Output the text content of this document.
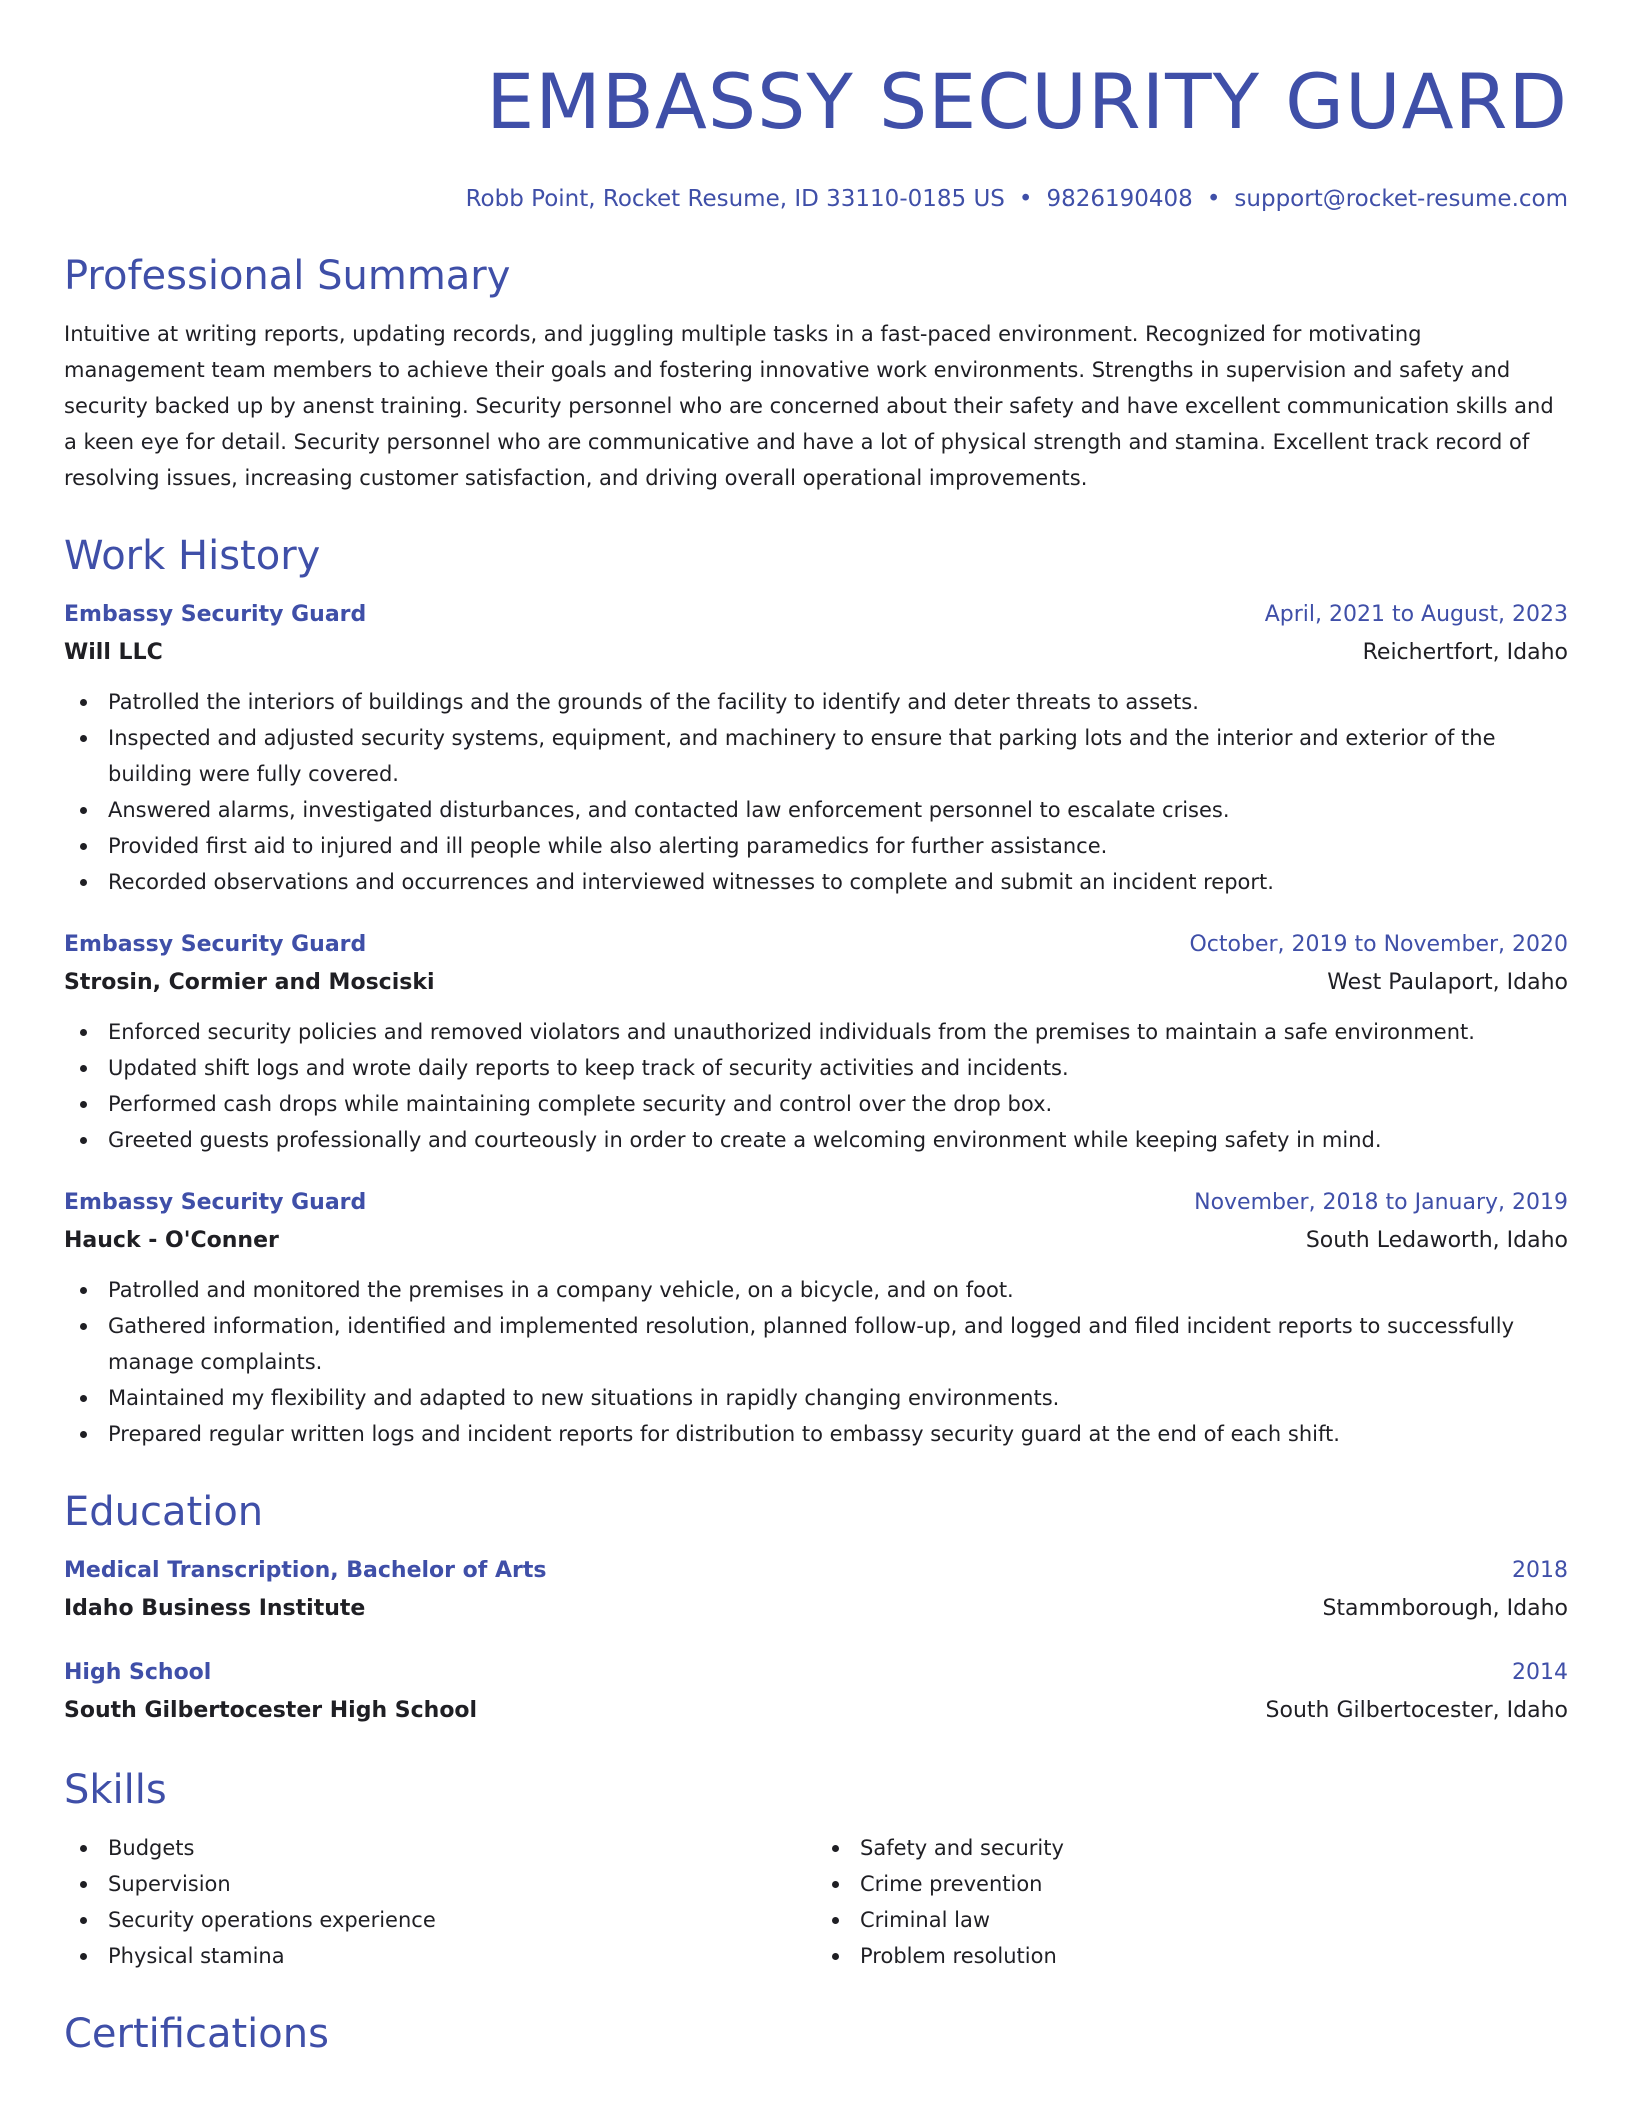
EMBASSY SECURITY GUARD
Robb Point, Rocket Resume, ID 33110-0185 US • 9826190408 • support@rocket-resume.com
Professional Summary

Intuitive at writing reports, updating records, and juggling multiple tasks in a fast-paced environment. Recognized for motivating management team members to achieve their goals and fostering innovative work environments. Strengths in supervision and safety and security backed up by anenst training. Security personnel who are concerned about their safety and have excellent communication skills and a keen eye for detail. Security personnel who are communicative and have a lot of physical strength and stamina. Excellent track record of resolving issues, increasing customer satisfaction, and driving overall operational improvements.

Work History
Embassy Security Guard	April, 2021 to August, 2023
Will LLC	Reichertfort, Idaho
Patrolled the interiors of buildings and the grounds of the facility to identify and deter threats to assets.
Inspected and adjusted security systems, equipment, and machinery to ensure that parking lots and the interior and exterior of the building were fully covered.
Answered alarms, investigated disturbances, and contacted law enforcement personnel to escalate crises.
Provided first aid to injured and ill people while also alerting paramedics for further assistance.
Recorded observations and occurrences and interviewed witnesses to complete and submit an incident report.
Embassy Security Guard	October, 2019 to November, 2020
Strosin, Cormier and Mosciski	West Paulaport, Idaho
Enforced security policies and removed violators and unauthorized individuals from the premises to maintain a safe environment.
Updated shift logs and wrote daily reports to keep track of security activities and incidents.
Performed cash drops while maintaining complete security and control over the drop box.
Greeted guests professionally and courteously in order to create a welcoming environment while keeping safety in mind.
Embassy Security Guard	November, 2018 to January, 2019
Hauck - O'Conner	South Ledaworth, Idaho
Patrolled and monitored the premises in a company vehicle, on a bicycle, and on foot.
Gathered information, identified and implemented resolution, planned follow-up, and logged and filed incident reports to successfully manage complaints.
Maintained my flexibility and adapted to new situations in rapidly changing environments.
Prepared regular written logs and incident reports for distribution to embassy security guard at the end of each shift.
Education
Medical Transcription, Bachelor of Arts	2018
Idaho Business Institute	Stammborough, Idaho
High School	2014
South Gilbertocester High School	South Gilbertocester, Idaho
Skills
Budgets
Supervision
Security operations experience
Physical stamina
Safety and security
Crime prevention
Criminal law
Problem resolution
Certifications
